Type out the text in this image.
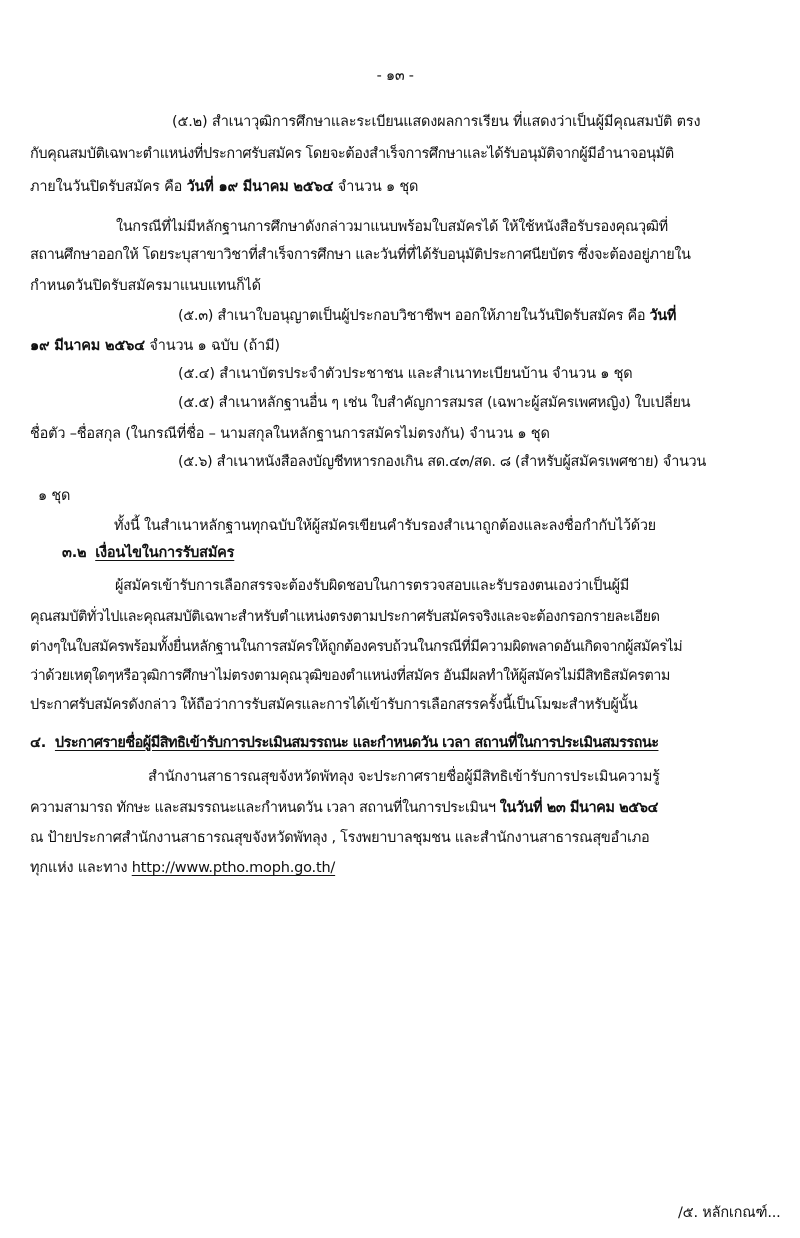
- ๑๓ -
(๕.๒) สำเนาวุฒิการศึกษาและระเบียนแสดงผลการเรียน ที่แสดงว่าเป็นผู้มีคุณสมบัติ ตรง
กับคุณสมบัติเฉพาะตำแหน่งที่ประกาศรับสมัคร โดยจะต้องสำเร็จการศึกษาและได้รับอนุมัติจากผู้มีอำนาจอนุมัติ
ภายในวันปิดรับสมัคร คือ วันที่ ๑๙ มีนาคม ๒๕๖๔ จำนวน ๑ ชุด
ในกรณีที่ไม่มีหลักฐานการศึกษาดังกล่าวมาแนบพร้อมใบสมัครได้ ให้ใช้หนังสือรับรองคุณวุฒิที่
สถานศึกษาออกให้ โดยระบุสาขาวิชาที่สำเร็จการศึกษา และวันที่ที่ได้รับอนุมัติประกาศนียบัตร ซึ่งจะต้องอยู่ภายใน
กำหนดวันปิดรับสมัครมาแนบแทนก็ได้
(๕.๓) สำเนาใบอนุญาตเป็นผู้ประกอบวิชาชีพฯ ออกให้ภายในวันปิดรับสมัคร คือ วันที่
๑๙ มีนาคม ๒๕๖๔ จำนวน ๑ ฉบับ (ถ้ามี)
(๕.๔) สำเนาบัตรประจำตัวประชาชน และสำเนาทะเบียนบ้าน จำนวน ๑ ชุด
(๕.๕) สำเนาหลักฐานอื่น ๆ เช่น ใบสำคัญการสมรส (เฉพาะผู้สมัครเพศหญิง) ใบเปลี่ยน
ชื่อตัว –ชื่อสกุล (ในกรณีที่ชื่อ – นามสกุลในหลักฐานการสมัครไม่ตรงกัน) จำนวน ๑ ชุด
(๕.๖) สำเนาหนังสือลงบัญชีทหารกองเกิน สด.๔๓/สด. ๘ (สำหรับผู้สมัครเพศชาย) จำนวน
๑ ชุด
ทั้งนี้ ในสำเนาหลักฐานทุกฉบับให้ผู้สมัครเขียนคำรับรองสำเนาถูกต้องและลงชื่อกำกับไว้ด้วย
๓.๒ เงื่อนไขในการรับสมัคร
ผู้สมัครเข้ารับการเลือกสรรจะต้องรับผิดชอบในการตรวจสอบและรับรองตนเองว่าเป็นผู้มี
คุณสมบัติทั่วไปและคุณสมบัติเฉพาะสำหรับตำแหน่งตรงตามประกาศรับสมัครจริงและจะต้องกรอกรายละเอียด
ต่างๆในใบสมัครพร้อมทั้งยื่นหลักฐานในการสมัครให้ถูกต้องครบถ้วนในกรณีที่มีความผิดพลาดอันเกิดจากผู้สมัครไม่
ว่าด้วยเหตุใดๆหรือวุฒิการศึกษาไม่ตรงตามคุณวุฒิของตำแหน่งที่สมัคร อันมีผลทำให้ผู้สมัครไม่มีสิทธิสมัครตาม
ประกาศรับสมัครดังกล่าว ให้ถือว่าการรับสมัครและการได้เข้ารับการเลือกสรรครั้งนี้เป็นโมฆะสำหรับผู้นั้น
๔. ประกาศรายชื่อผู้มีสิทธิเข้ารับการประเมินสมรรถนะ และกำหนดวัน เวลา สถานที่ในการประเมินสมรรถนะ
สำนักงานสาธารณสุขจังหวัดพัทลุง จะประกาศรายชื่อผู้มีสิทธิเข้ารับการประเมินความรู้
ความสามารถ ทักษะ และสมรรถนะและกำหนดวัน เวลา สถานที่ในการประเมินฯ ในวันที่ ๒๓ มีนาคม ๒๕๖๔
ณ ป้ายประกาศสำนักงานสาธารณสุขจังหวัดพัทลุง , โรงพยาบาลชุมชน และสำนักงานสาธารณสุขอำเภอ
ทุกแห่ง และทาง http://www.ptho.moph.go.th/
/๕. หลักเกณฑ์...
